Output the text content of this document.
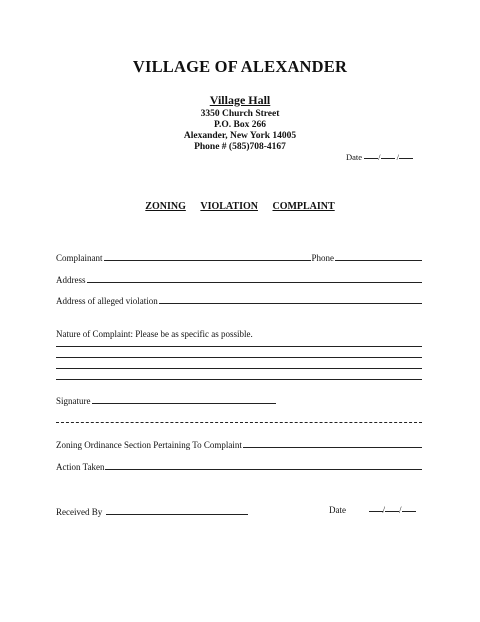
VILLAGE OF ALEXANDER
Village Hall
3350 Church Street
P.O. Box 266
Alexander, New York 14005
Phone # (585)708-4167
Date / /
ZONING VIOLATION COMPLAINT
Complainant	Phone
Address
Address of alleged violation
Nature of Complaint: Please be as specific as possible.
Signature
Zoning Ordinance Section Pertaining To Complaint
Action Taken
Received By	Date	/ /
